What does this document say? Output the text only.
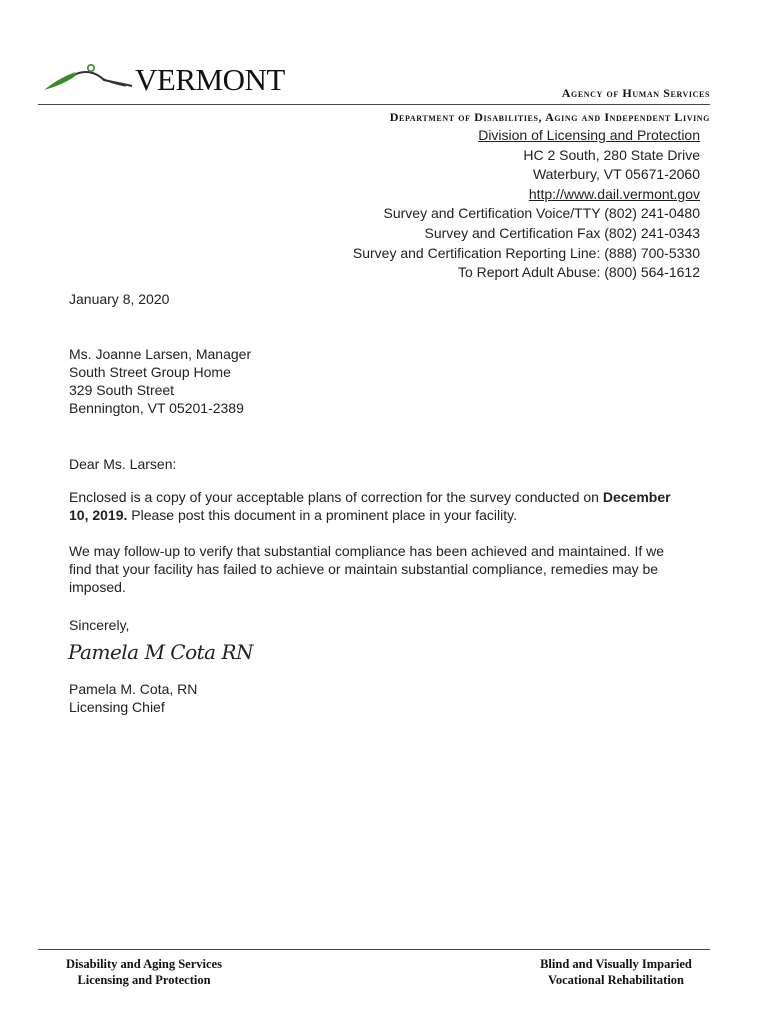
VERMONT	Agency of Human Services
Department of Disabilities, Aging and Independent Living
Division of Licensing and Protection
HC 2 South, 280 State Drive
Waterbury, VT 05671-2060
http://www.dail.vermont.gov
Survey and Certification Voice/TTY (802) 241-0480
Survey and Certification Fax (802) 241-0343
Survey and Certification Reporting Line: (888) 700-5330
To Report Adult Abuse: (800) 564-1612
January 8, 2020
Ms. Joanne Larsen, Manager
South Street Group Home
329 South Street
Bennington, VT 05201-2389
Dear Ms. Larsen:
Enclosed is a copy of your acceptable plans of correction for the survey conducted on December 10, 2019. Please post this document in a prominent place in your facility.
We may follow-up to verify that substantial compliance has been achieved and maintained. If we find that your facility has failed to achieve or maintain substantial compliance, remedies may be imposed.
Sincerely,
Pamela M Cota RN
Pamela M. Cota, RN
Licensing Chief
Disability and Aging Services
Licensing and Protection
Blind and Visually Imparied
Vocational Rehabilitation
